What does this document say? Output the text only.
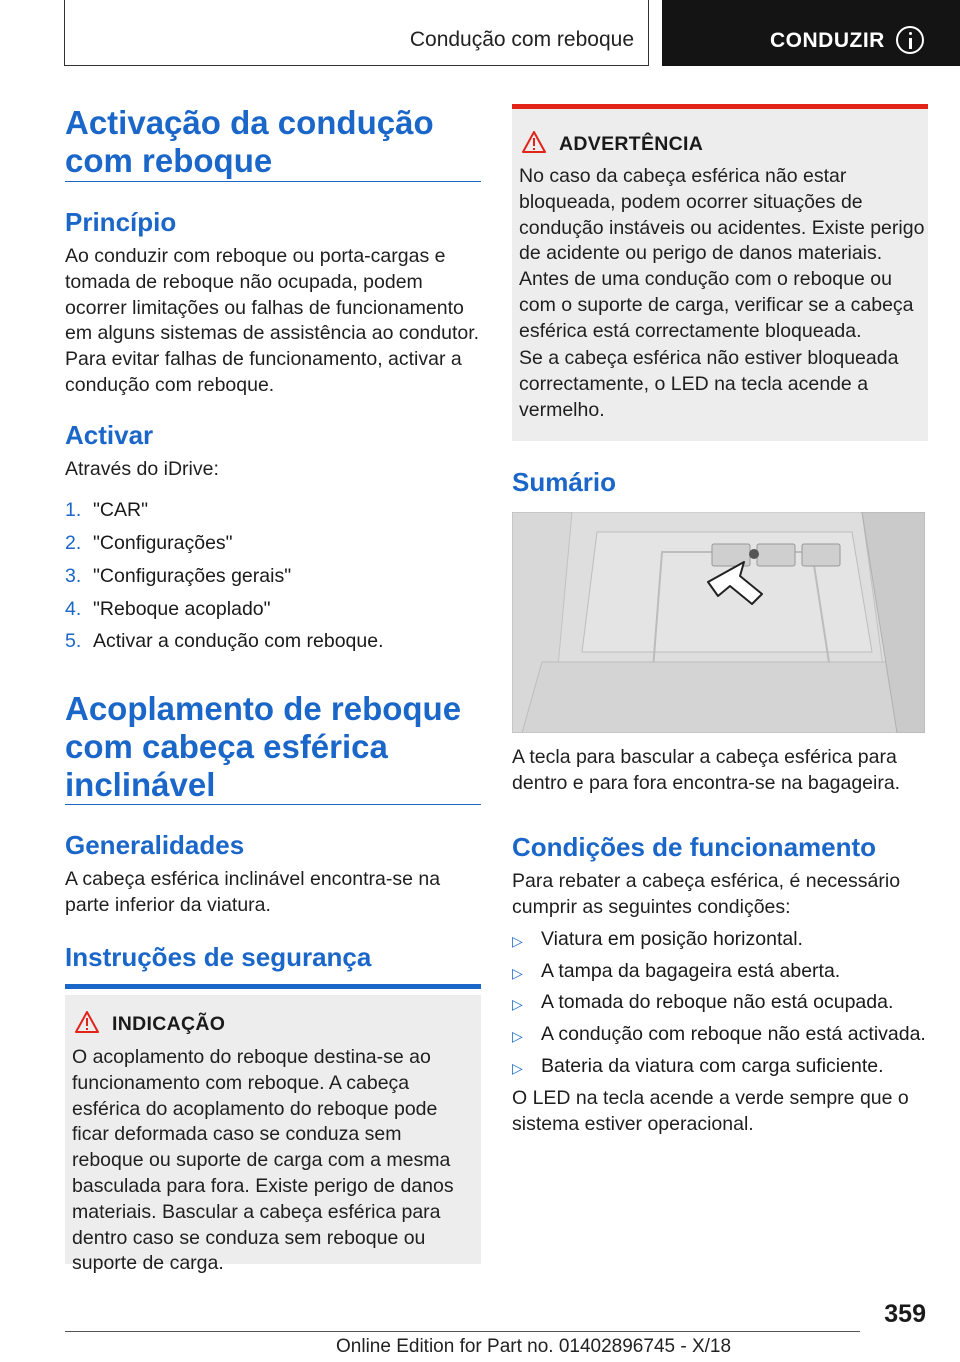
Condução com reboque	CONDUZIR
Activação da condução com reboque
Princípio
Ao conduzir com reboque ou porta-cargas e tomada de reboque não ocupada, podem ocorrer limitações ou falhas de funcionamento em alguns sistemas de assistência ao condutor. Para evitar falhas de funcionamento, activar a condução com reboque.
Activar
Através do iDrive:
1. "CAR"
2. "Configurações"
3. "Configurações gerais"
4. "Reboque acoplado"
5. Activar a condução com reboque.
Acoplamento de reboque com cabeça esférica inclinável
Generalidades
A cabeça esférica inclinável encontra-se na parte inferior da viatura.
Instruções de segurança
INDICAÇÃO
O acoplamento do reboque destina-se ao funcionamento com reboque. A cabeça esférica do acoplamento do reboque pode ficar deformada caso se conduza sem reboque ou suporte de carga com a mesma basculada para fora. Existe perigo de danos materiais. Bascular a cabeça esférica para dentro caso se conduza sem reboque ou suporte de carga.
ADVERTÊNCIA
No caso da cabeça esférica não estar bloqueada, podem ocorrer situações de condução instáveis ou acidentes. Existe perigo de acidente ou perigo de danos materiais. Antes de uma condução com o reboque ou com o suporte de carga, verificar se a cabeça esférica está correctamente bloqueada.
Se a cabeça esférica não estiver bloqueada correctamente, o LED na tecla acende a vermelho.
Sumário
A tecla para bascular a cabeça esférica para dentro e para fora encontra-se na bagageira.
Condições de funcionamento
Para rebater a cabeça esférica, é necessário cumprir as seguintes condições:
▷ Viatura em posição horizontal.
▷ A tampa da bagageira está aberta.
▷ A tomada do reboque não está ocupada.
▷ A condução com reboque não está activada.
▷ Bateria da viatura com carga suficiente.
O LED na tecla acende a verde sempre que o sistema estiver operacional.
359
Online Edition for Part no. 01402896745 - X/18
